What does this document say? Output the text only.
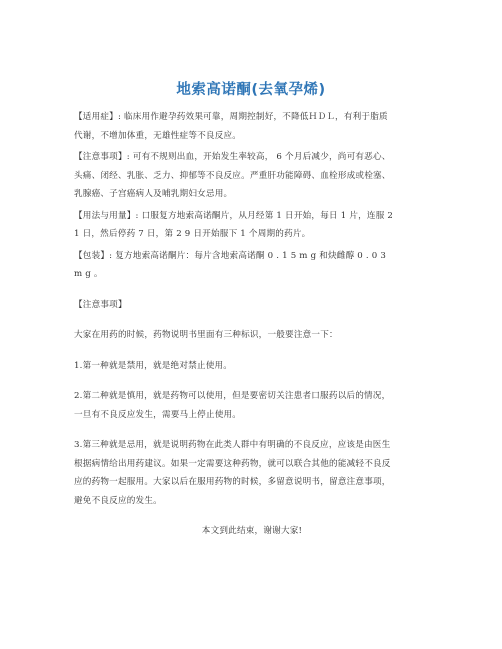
地索高诺酮(去氧孕烯)

【适用症】: 临床用作避孕药效果可靠，周期控制好，不降低ＨＤＬ，有利于脂质
代谢，不增加体重，无雄性症等不良反应。

【注意事项】: 可有不规则出血，开始发生率较高， 6 个月后减少，尚可有恶心、
头痛、闭经、乳胀、乏力、抑郁等不良反应。严重肝功能障碍、血栓形成或栓塞、
乳腺癌、子宫癌病人及哺乳期妇女忌用。

【用法与用量】: 口服复方地索高诺酮片，从月经第 1 日开始，每日 1 片，连服 2
1 日，然后停药 7 日，第 2 9 日开始服下 1 个周期的药片。

【包装】: 复方地索高诺酮片：每片含地索高诺酮 0 . 1 5 m g 和炔雌醇 0 . 0 3
m g 。

【注意事项】

大家在用药的时候，药物说明书里面有三种标识，一般要注意一下：

1.第一种就是禁用，就是绝对禁止使用。

2.第二种就是慎用，就是药物可以使用，但是要密切关注患者口服药以后的情况，
一旦有不良反应发生，需要马上停止使用。

3.第三种就是忌用，就是说明药物在此类人群中有明确的不良反应，应该是由医生
根据病情给出用药建议。如果一定需要这种药物，就可以联合其他的能减轻不良反
应的药物一起服用。大家以后在服用药物的时候，多留意说明书，留意注意事项，
避免不良反应的发生。

本文到此结束，谢谢大家!
